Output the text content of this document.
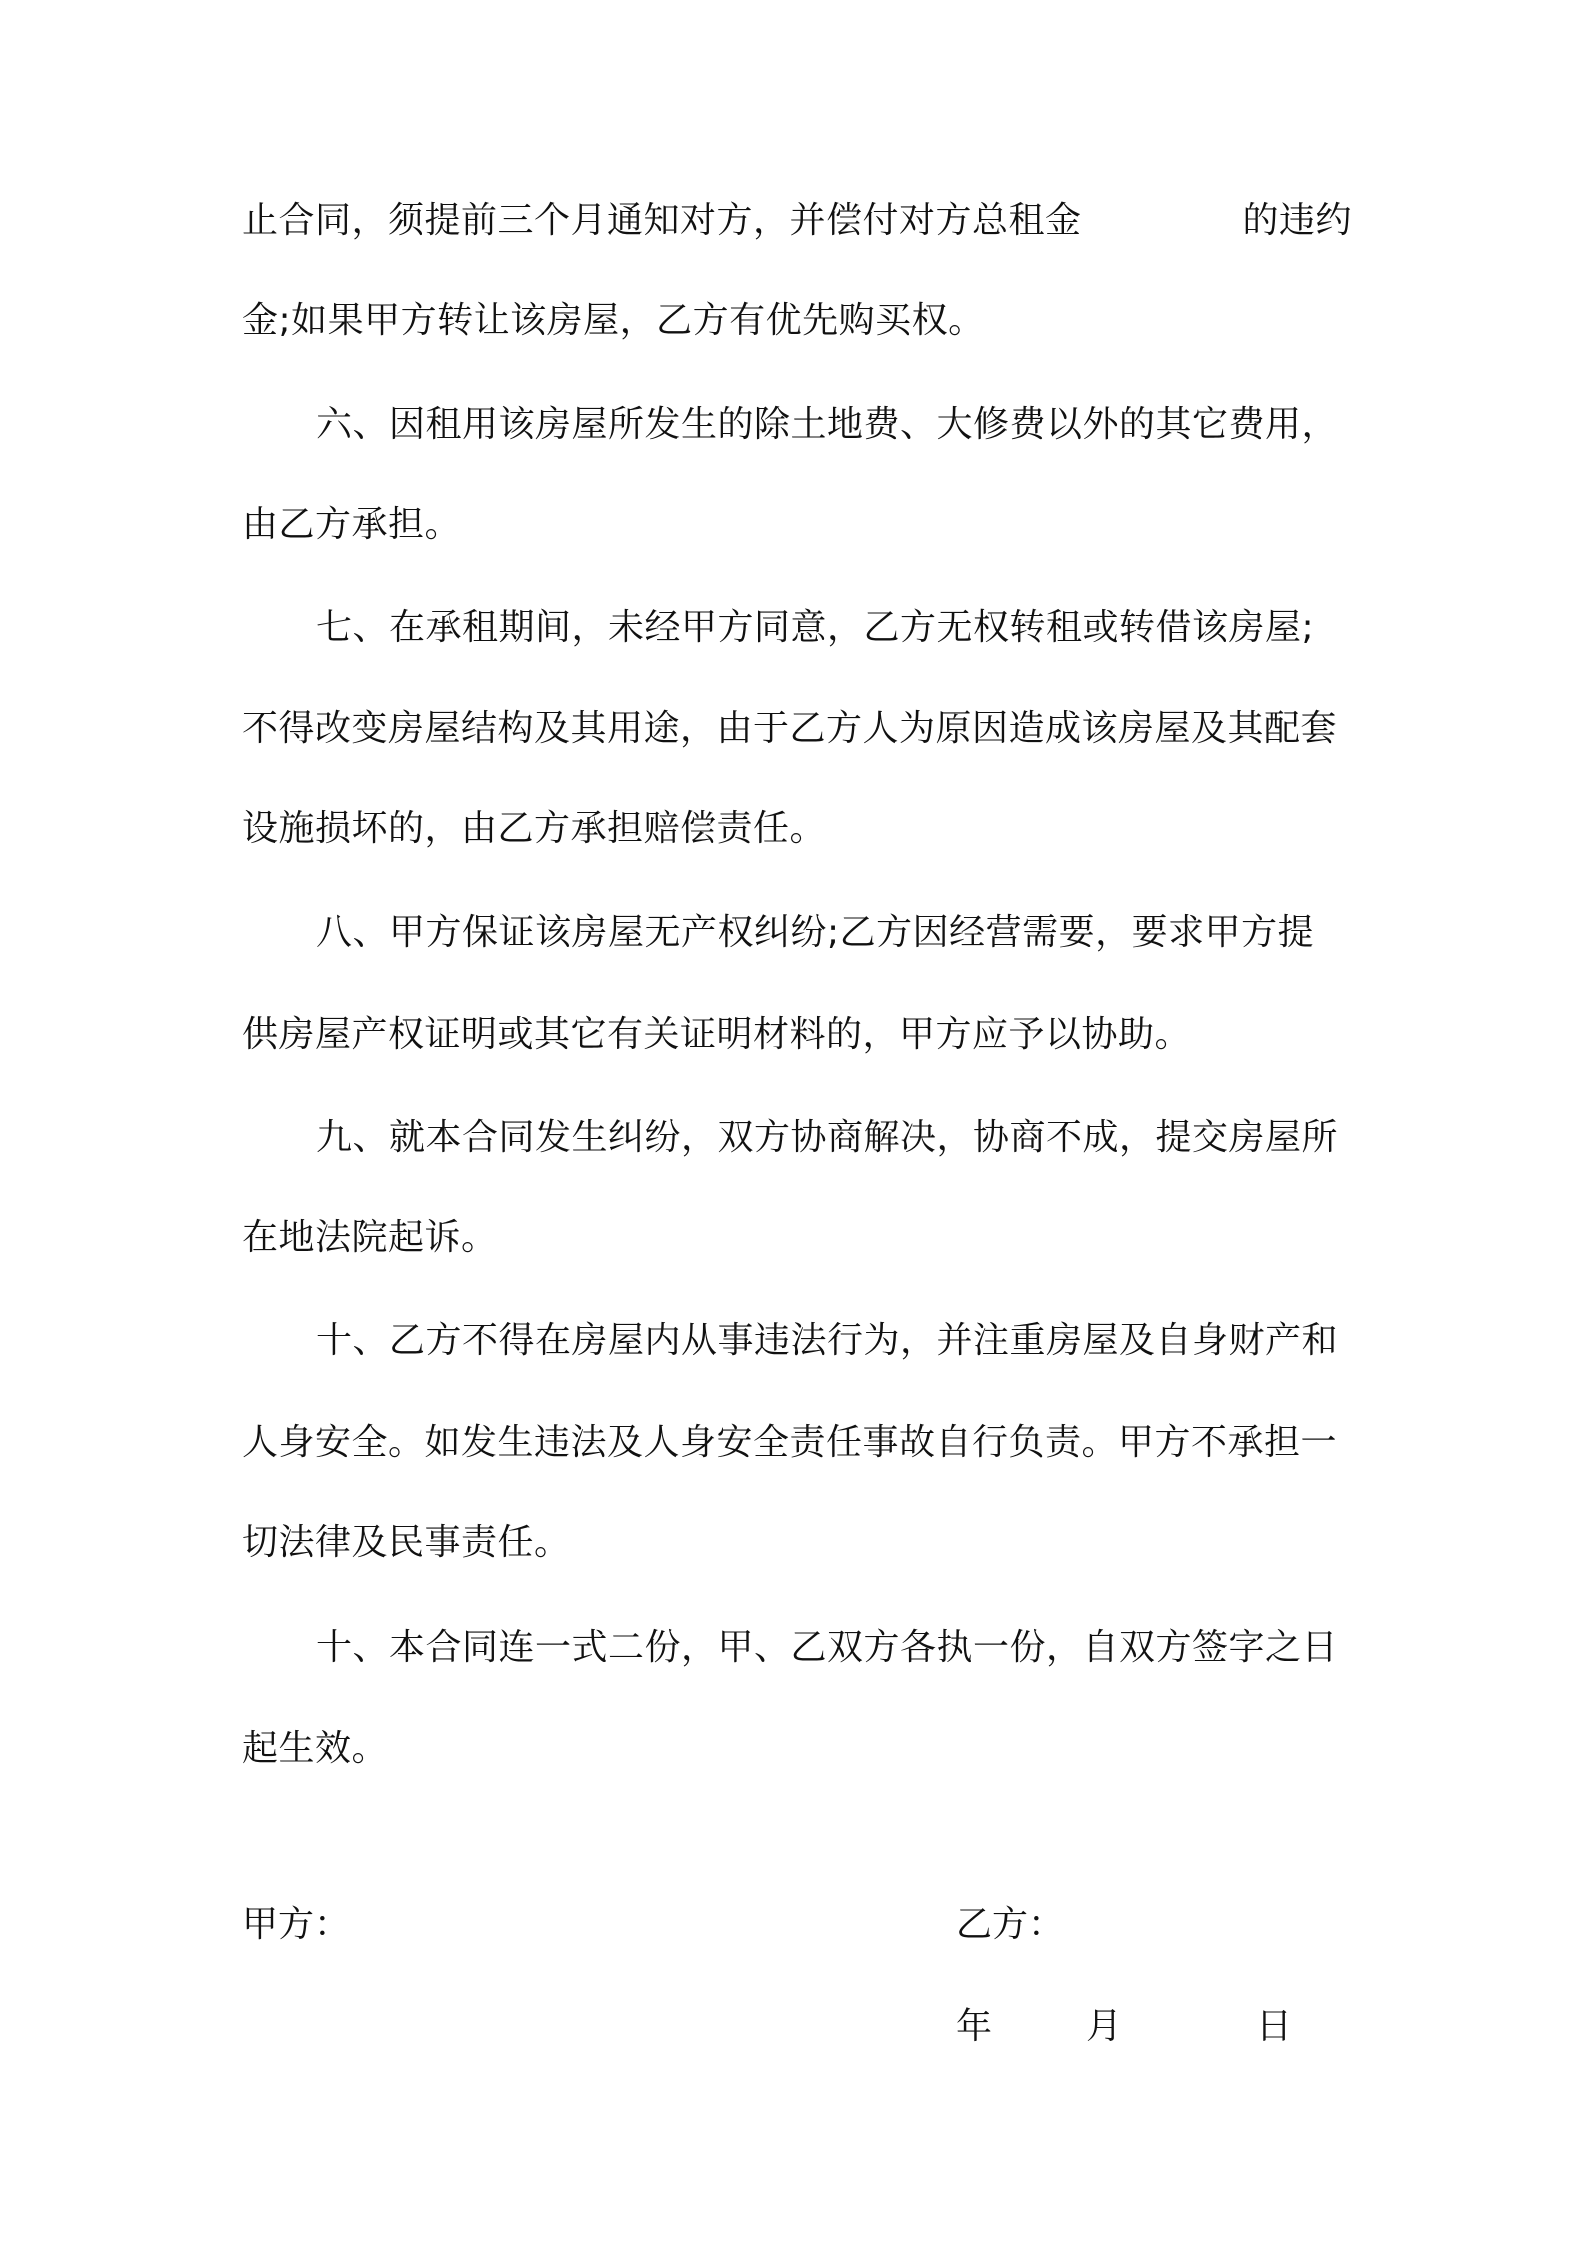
止合同，须提前三个月通知对方，并偿付对方总租金	的违约
金;如果甲方转让该房屋，乙方有优先购买权。
六、因租用该房屋所发生的除土地费、大修费以外的其它费用，
由乙方承担。
七、在承租期间，未经甲方同意，乙方无权转租或转借该房屋;
不得改变房屋结构及其用途，由于乙方人为原因造成该房屋及其配套
设施损坏的，由乙方承担赔偿责任。
八、甲方保证该房屋无产权纠纷;乙方因经营需要，要求甲方提
供房屋产权证明或其它有关证明材料的，甲方应予以协助。
九、就本合同发生纠纷，双方协商解决，协商不成，提交房屋所
在地法院起诉。
十、乙方不得在房屋内从事违法行为，并注重房屋及自身财产和
人身安全。如发生违法及人身安全责任事故自行负责。甲方不承担一
切法律及民事责任。
十、本合同连一式二份，甲、乙双方各执一份，自双方签字之日
起生效。
甲方：	乙方：
年	月	日
